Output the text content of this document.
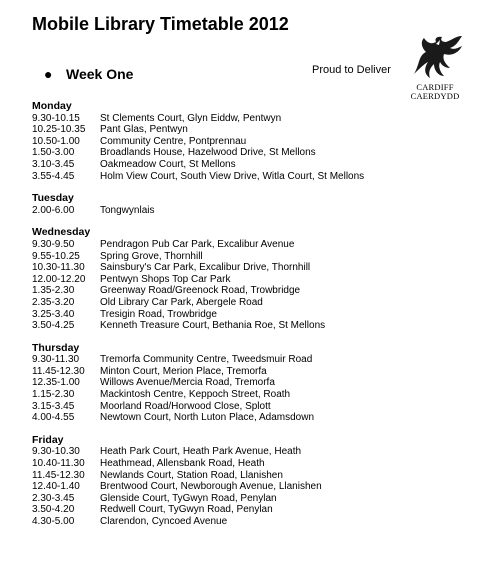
Mobile Library Timetable 2012
● Week One	Proud to Deliver
CARDIFF
CAERDYDD
Monday
9.30-10.15	St Clements Court, Glyn Eiddw, Pentwyn
10.25-10.35	Pant Glas, Pentwyn
10.50-1.00	Community Centre, Pontprennau
1.50-3.00	Broadlands House, Hazelwood Drive, St Mellons
3.10-3.45	Oakmeadow Court, St Mellons
3.55-4.45	Holm View Court, South View Drive, Witla Court, St Mellons
Tuesday
2.00-6.00	Tongwynlais
Wednesday
9.30-9.50	Pendragon Pub Car Park, Excalibur Avenue
9.55-10.25	Spring Grove, Thornhill
10.30-11.30	Sainsbury's Car Park, Excalibur Drive, Thornhill
12.00-12.20	Pentwyn Shops Top Car Park
1.35-2.30	Greenway Road/Greenock Road, Trowbridge
2.35-3.20	Old Library Car Park, Abergele Road
3.25-3.40	Tresigin Road, Trowbridge
3.50-4.25	Kenneth Treasure Court, Bethania Roe, St Mellons
Thursday
9.30-11.30	Tremorfa Community Centre, Tweedsmuir Road
11.45-12.30	Minton Court, Merion Place, Tremorfa
12.35-1.00	Willows Avenue/Mercia Road, Tremorfa
1.15-2.30	Mackintosh Centre, Keppoch Street, Roath
3.15-3.45	Moorland Road/Horwood Close, Splott
4.00-4.55	Newtown Court, North Luton Place, Adamsdown
Friday
9.30-10.30	Heath Park Court, Heath Park Avenue, Heath
10.40-11.30	Heathmead, Allensbank Road, Heath
11.45-12.30	Newlands Court, Station Road, Llanishen
12.40-1.40	Brentwood Court, Newborough Avenue, Llanishen
2.30-3.45	Glenside Court, TyGwyn Road, Penylan
3.50-4.20	Redwell Court, TyGwyn Road, Penylan
4.30-5.00	Clarendon, Cyncoed Avenue
